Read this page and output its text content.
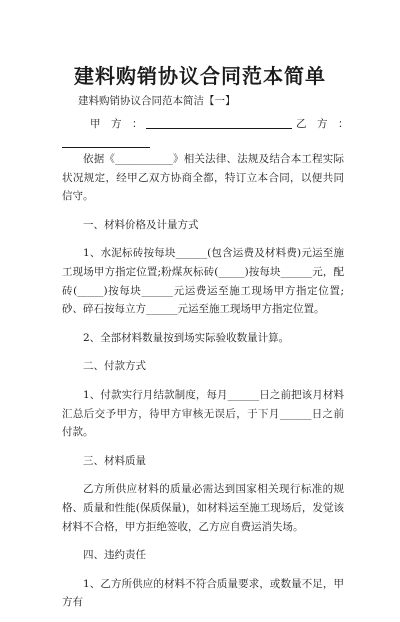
建料购销协议合同范本简单
建料购销协议合同范本简洁【一】
甲　方　：	乙　方　：

依据《___________》相关法律、法规及结合本工程实际状况规定，经甲乙双方协商全都，特订立本合同，以便共同信守。

一、材料价格及计量方式

1、水泥标砖按每块______(包含运费及材料费)元运至施工现场甲方指定位置;粉煤灰标砖(_____)按每块______元，配砖(_____)按每块______元运费运至施工现场甲方指定位置;砂、碎石按每立方______元运至施工现场甲方指定位置。

2、全部材料数量按到场实际验收数量计算。

二、付款方式

1、付款实行月结款制度，每月______日之前把该月材料汇总后交予甲方，待甲方审核无误后，于下月______日之前付款。

三、材料质量

乙方所供应材料的质量必需达到国家相关现行标准的规格、质量和性能(保质保量)，如材料运至施工现场后，发觉该材料不合格，甲方拒绝签收，乙方应自费运消失场。

四、违约责任

1、乙方所供应的材料不符合质量要求，或数量不足，甲方有
